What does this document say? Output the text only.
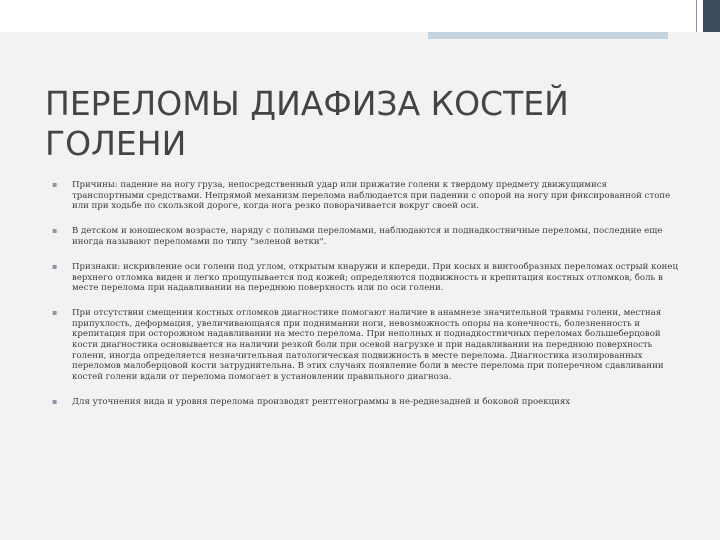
ПЕРЕЛОМЫ ДИАФИЗА КОСТЕЙ ГОЛЕНИ
▪ Причины: падение на ногу груза, непосредственный удар или прижатие голени к твердому предмету движущимися транспортными средствами. Непрямой механизм перелома наблюдается при падении с опорой на ногу при фиксированной стопе или при ходьбе по скользкой дороге, когда нога резко поворачивается вокруг своей оси.
▪ В детском и юношеском возрасте, наряду с полными переломами, наблюдаются и поднадкостничные переломы, последние еще иногда называют переломами по типу "зеленой ветки".
▪ Признаки: искривление оси голени под углом, открытым кнаружи и кпереди. При косых и винтообразных переломах острый конец верхнего отломка виден и легко прощупывается под кожей; определяются подвижность и крепитация костных отломков, боль в месте перелома при надавливании на переднюю поверхность или по оси голени.
▪ При отсутствии смещения костных отломков диагностике помогают наличие в анамнезе значительной травмы голени, местная припухлость, деформация, увеличивающаяся при поднимании ноги, невозможность опоры на конечность, болезненность и крепитация при осторожном надавливании на место перелома. При неполных и поднадкостничных переломах большеберцовой кости диагностика основывается на наличии резкой боли при осевой нагрузке и при надавливании на переднюю поверхность голени, иногда определяется незначительная патологическая подвижность в месте перелома. Диагностика изолированных переломов малоберцовой кости затруднительна. В этих случаях появление боли в месте перелома при поперечном сдавливании костей голени вдали от перелома помогает в установлении правильного диагноза.
▪ Для уточнения вида и уровня перелома производят рентгенограммы в не-реднезадней и боковой проекциях
